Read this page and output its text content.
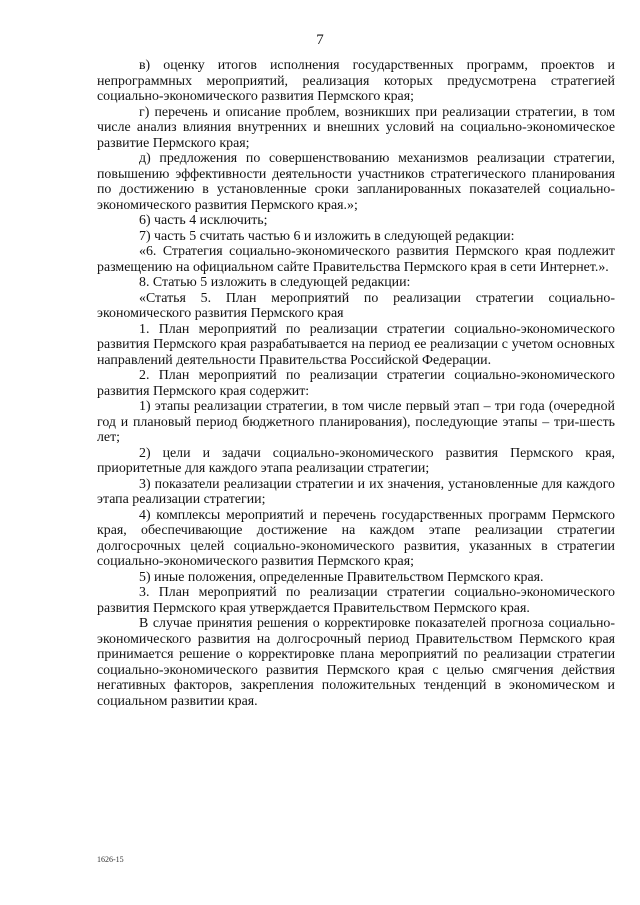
7

в) оценку итогов исполнения государственных программ, проектов и непрограммных мероприятий, реализация которых предусмотрена стратегией социально-экономического развития Пермского края;

г) перечень и описание проблем, возникших при реализации стратегии, в том числе анализ влияния внутренних и внешних условий на социально-экономическое развитие Пермского края;

д) предложения по совершенствованию механизмов реализации стратегии, повышению эффективности деятельности участников стратегического планирования по достижению в установленные сроки запланированных показателей социально-экономического развития Пермского края.»;

6) часть 4 исключить;

7) часть 5 считать частью 6 и изложить в следующей редакции:

«6. Стратегия социально-экономического развития Пермского края подлежит размещению на официальном сайте Правительства Пермского края в сети Интернет.».

8. Статью 5 изложить в следующей редакции:

«Статья 5. План мероприятий по реализации стратегии социально-экономического развития Пермского края

1. План мероприятий по реализации стратегии социально-экономического развития Пермского края разрабатывается на период ее реализации с учетом основных направлений деятельности Правительства Российской Федерации.

2. План мероприятий по реализации стратегии социально-экономического развития Пермского края содержит:

1) этапы реализации стратегии, в том числе первый этап – три года (очередной год и плановый период бюджетного планирования), последующие этапы – три-шесть лет;

2) цели и задачи социально-экономического развития Пермского края, приоритетные для каждого этапа реализации стратегии;

3) показатели реализации стратегии и их значения, установленные для каждого этапа реализации стратегии;

4) комплексы мероприятий и перечень государственных программ Пермского края, обеспечивающие достижение на каждом этапе реализации стратегии долгосрочных целей социально-экономического развития, указанных в стратегии социально-экономического развития Пермского края;

5) иные положения, определенные Правительством Пермского края.

3. План мероприятий по реализации стратегии социально-экономического развития Пермского края утверждается Правительством Пермского края.

В случае принятия решения о корректировке показателей прогноза социально-экономического развития на долгосрочный период Правительством Пермского края принимается решение о корректировке плана мероприятий по реализации стратегии социально-экономического развития Пермского края с целью смягчения действия негативных факторов, закрепления положительных тенденций в экономическом и социальном развитии края.

1626-15
